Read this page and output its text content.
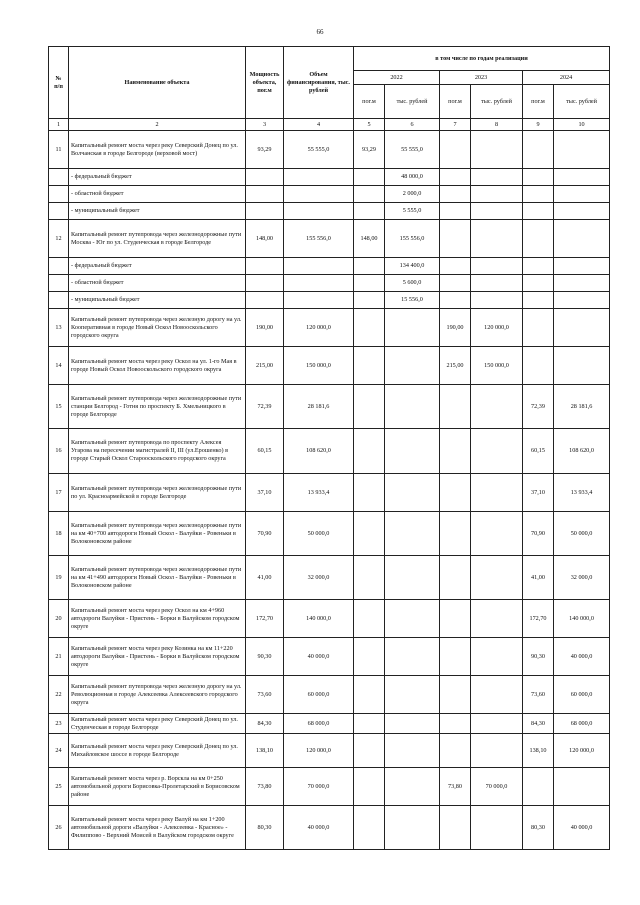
66
№
п/п	Наименование объекта	Мощность объекта, пог.м	Объем финансирования, тыс. рублей	в том числе по годам реализации					
				2022		2023		2024	
				пог.м	тыс. рублей	пог.м	тыс. рублей	пог.м	тыс. рублей
1	2	3	4	5	6	7	8	9	10
11	Капитальный ремонт моста через реку Северский Донец по ул. Волчанская в городе Белгороде (верховой мост)	93,29	55 555,0	93,29	55 555,0				
	- федеральный бюджет				48 000,0				
	- областной бюджет				2 000,0				
	- муниципальный бюджет				5 555,0				
12	Капитальный ремонт путепровода через железнодорожные пути Москва - Юг по ул. Студенческая в городе Белгороде	148,00	155 556,0	148,00	155 556,0				
	- федеральный бюджет				134 400,0				
	- областной бюджет				5 600,0				
	- муниципальный бюджет				15 556,0				
13	Капитальный ремонт путепровода через железную дорогу на ул. Кооперативная в городе Новый Оскол Новооскольского городского округа	190,00	120 000,0			190,00	120 000,0		
14	Капитальный ремонт моста через реку Оскол на ул. 1-го Мая в городе Новый Оскол Новооскольского городского округа	215,00	150 000,0			215,00	150 000,0		
15	Капитальный ремонт путепровода через железнодорожные пути станции Белгород - Готня по проспекту Б. Хмельницкого в городе Белгороде	72,39	28 181,6					72,39	28 181,6
16	Капитальный ремонт путепровода по проспекту Алексея Угарова на пересечении магистралей II, III (ул.Ерошенко) в городе Старый Оскол Старооскольского городского округа	60,15	108 620,0					60,15	108 620,0
17	Капитальный ремонт путепровода через железнодорожные пути по ул. Красноармейской в городе Белгороде	37,10	13 933,4					37,10	13 933,4
18	Капитальный ремонт путепровода через железнодорожные пути на км 40+700 автодороги Новый Оскол - Валуйки - Ровеньки в Волоконовском районе	70,90	50 000,0					70,90	50 000,0
19	Капитальный ремонт путепровода через железнодорожные пути на км 41+490 автодороги Новый Оскол - Валуйки - Ровеньки в Волоконовском районе	41,00	32 000,0					41,00	32 000,0
20	Капитальный ремонт моста через реку Оскол на км 4+960 автодороги Валуйки - Пристень - Борки в Валуйском городском округе	172,70	140 000,0					172,70	140 000,0
21	Капитальный ремонт моста через реку Козинка на км 11+220 автодороги Валуйки - Пристень - Борки в Валуйском городском округе	90,30	40 000,0					90,30	40 000,0
22	Капитальный ремонт путепровода через железную дорогу на ул. Революционная в городе Алексеевка Алексеевского городского округа	73,60	60 000,0					73,60	60 000,0
23	Капитальный ремонт моста через реку Северский Донец по ул. Студенческая в городе Белгороде	84,30	68 000,0					84,30	68 000,0
24	Капитальный ремонт моста через реку Северский Донец по ул. Михайловское шоссе в городе Белгороде	138,10	120 000,0					138,10	120 000,0
25	Капитальный ремонт моста через р. Ворскла на км 0+250 автомобильной дороги Борисовка-Пролетарский в Борисовском районе	73,80	70 000,0			73,80	70 000,0		
26	Капитальный ремонт моста через реку Валуй на км 1+200 автомобильной дороги «Валуйки - Алексеевка - Красное» - Филиппово - Верхний Моисей в Валуйском городском округе	80,30	40 000,0					80,30	40 000,0
